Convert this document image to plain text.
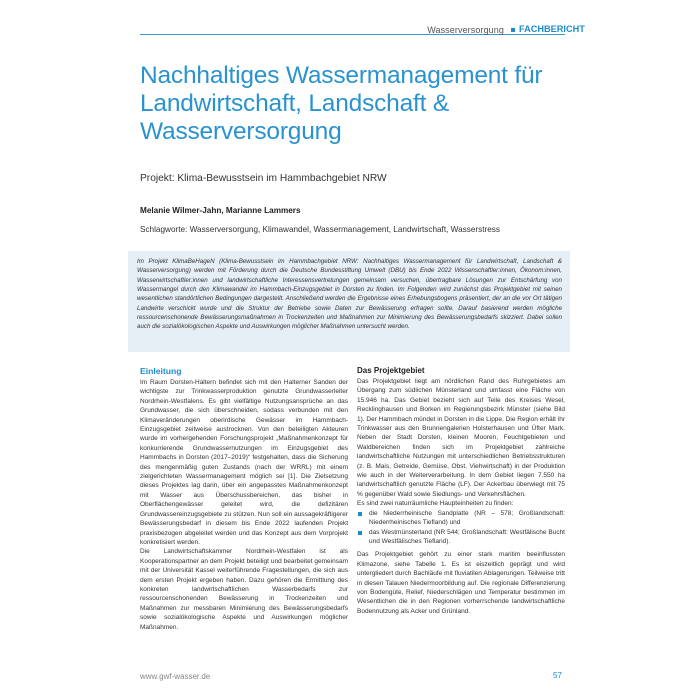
Wasserversorgung FACHBERICHT
Nachhaltiges Wassermanagement für Landwirtschaft, Landschaft & Wasserversorgung
Projekt: Klima-Bewusstsein im Hammbachgebiet NRW
Melanie Wilmer-Jahn, Marianne Lammers
Schlagworte: Wasserversorgung, Klimawandel, Wassermanagement, Landwirtschaft, Wasserstress

Im Projekt KlimaBeHageN (Klima-Bewusstsein im Hammbachgebiet NRW: Nachhaltiges Wassermanagement für Landwirtschaft, Landschaft & Wasserversorgung) werden mit Förderung durch die Deutsche Bundesstiftung Umwelt (DBU) bis Ende 2022 Wissenschaftler:innen, Ökonom:innen, Wasserwirtschaftler:innen und landwirtschaftliche Interessensvertretungen gemeinsam versuchen, übertragbare Lösungen zur Entschärfung von Wassermangel durch den Klimawandel im Hammbach-Einzugsgebiet in Dorsten zu finden. Im Folgenden wird zunächst das Projektgebiet mit seinen wesentlichen standörtlichen Bedingungen dargestellt. Anschließend werden die Ergebnisse eines Erhebungsbogens präsentiert, der an die vor Ort tätigen Landwirte verschickt wurde und die Struktur der Betriebe sowie Daten zur Bewässerung erfragen sollte. Darauf basierend werden mögliche ressourcenschonende Bewässerungsmaßnahmen in Trockenzeiten und Maßnahmen zur Minimierung des Bewässerungsbedarfs skizziert. Dabei sollen auch die sozialökologischen Aspekte und Auswirkungen möglicher Maßnahmen untersucht werden.

Einleitung

Im Raum Dorsten-Haltern befindet sich mit den Halterner Sanden der wichtigste zur Trinkwasserproduktion genutzte Grundwasserleiter Nordrhein-Westfalens. Es gibt vielfältige Nutzungsansprüche an das Grundwasser, die sich überschneiden, sodass verbunden mit den Klimaveränderungen oberirdische Gewässer im Hammbach-Einzugsgebiet zeitweise austrocknen. Von den beteiligten Akteuren wurde im vorhergehenden Forschungsprojekt „Maßnahmenkonzept für konkurrierende Grundwassernutzungen im Einzugsgebiet des Hammbachs in Dorsten (2017–2019)“ festgehalten, dass die Sicherung des mengenmäßig guten Zustands (nach der WRRL) mit einem zielgerichteten Wassermanagement möglich sei [1]. Die Zielsetzung dieses Projektes lag darin, über ein angepasstes Maßnahmenkonzept mit Wasser aus Überschussbereichen, das bisher in Oberflächengewässer geleitet wird, die defizitären Grundwassereinzugsgebiete zu stützen. Nun soll ein aussagekräftigerer Bewässerungsbedarf in diesem bis Ende 2022 laufenden Projekt praxisbezogen abgeleitet werden und das Konzept aus dem Vorprojekt konkretisiert werden.

Die Landwirtschaftskammer Nordrhein-Westfalen ist als Kooperationspartner an dem Projekt beteiligt und bearbeitet gemeinsam mit der Universität Kassel weiterführende Fragestellungen, die sich aus dem ersten Projekt ergeben haben. Dazu gehören die Ermittlung des konkreten landwirtschaftlichen Wasserbedarfs zur ressourcenschonenden Bewässerung in Trockenzeiten und Maßnahmen zur messbaren Minimierung des Bewässerungsbedarfs sowie sozialökologische Aspekte und Auswirkungen möglicher Maßnahmen.

Das Projektgebiet

Das Projektgebiet liegt am nördlichen Rand des Ruhrgebietes am Übergang zum südlichen Münsterland und umfasst eine Fläche von 15.946 ha. Das Gebiet bezieht sich auf Teile des Kreises Wesel, Recklinghausen und Borken im Regierungsbezirk Münster (siehe Bild 1). Der Hammbach mündet in Dorsten in die Lippe. Die Region erhält ihr Trinkwasser aus den Brunnengalerien Holsterhausen und Üfter Mark. Neben der Stadt Dorsten, kleinen Mooren, Feuchtgebieten und Waldbereichen finden sich im Projektgebiet zahlreiche landwirtschaftliche Nutzungen mit unterschiedlichen Betriebsstrukturen (z. B. Mais, Getreide, Gemüse, Obst, Viehwirtschaft) in der Produktion wie auch in der Weiterverarbeitung. In dem Gebiet liegen 7.550 ha landwirtschaftlich genutzte Fläche (LF). Der Ackerbau überwiegt mit 75 % gegenüber Wald sowie Siedlungs- und Verkehrsflächen.

Es sind zwei naturräumliche Haupteinheiten zu finden:

die Niederrheinische Sandplatte (NR – 578; Großlandschaft: Niederrheinisches Tiefland) und
das Westmünsterland (NR 544; Großlandschaft: Westfälische Bucht und Westfälisches Tiefland).

Das Projektgebiet gehört zu einer stark maritim beeinflussten Klimazone, siehe Tabelle 1. Es ist eiszeitlich geprägt und wird untergliedert durch Bachläufe mit fluviatilen Ablagerungen. Teilweise tritt in diesen Talauen Niedermoorbildung auf. Die regionale Differenzierung von Bodengüte, Relief, Niederschlägen und Temperatur bestimmen im Wesentlichen die in den Regionen vorherrschende landwirtschaftliche Bodennutzung als Acker und Grünland.

www.gwf-wasser.de	57
